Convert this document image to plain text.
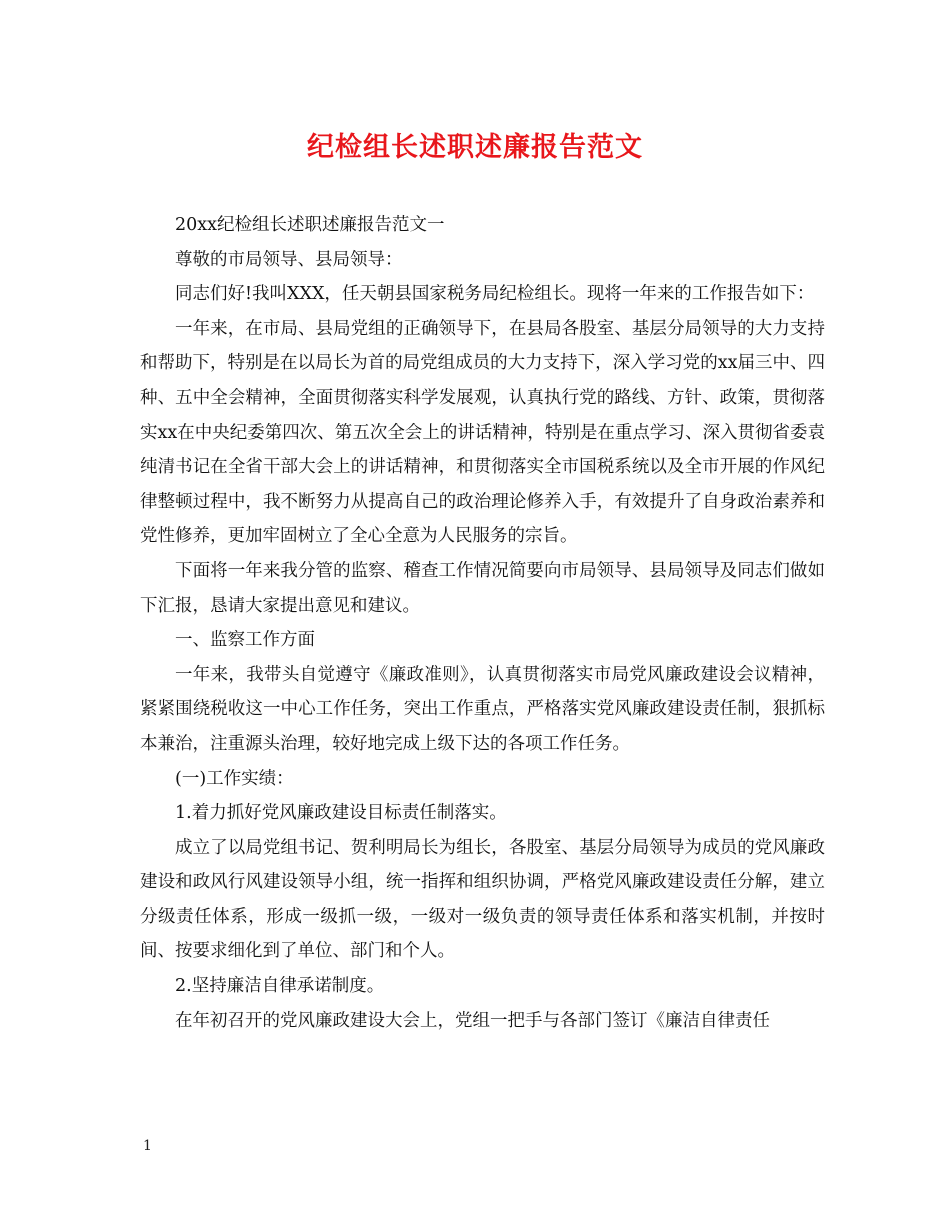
纪检组长述职述廉报告范文

20xx纪检组长述职述廉报告范文一

尊敬的市局领导、县局领导：

同志们好!我叫XXX，任天朝县国家税务局纪检组长。现将一年来的工作报告如下：

一年来，在市局、县局党组的正确领导下，在县局各股室、基层分局领导的大力支持和帮助下，特别是在以局长为首的局党组成员的大力支持下，深入学习党的xx届三中、四种、五中全会精神，全面贯彻落实科学发展观，认真执行党的路线、方针、政策，贯彻落实xx在中央纪委第四次、第五次全会上的讲话精神，特别是在重点学习、深入贯彻省委袁纯清书记在全省干部大会上的讲话精神，和贯彻落实全市国税系统以及全市开展的作风纪律整顿过程中，我不断努力从提高自己的政治理论修养入手，有效提升了自身政治素养和党性修养，更加牢固树立了全心全意为人民服务的宗旨。

下面将一年来我分管的监察、稽查工作情况简要向市局领导、县局领导及同志们做如下汇报，恳请大家提出意见和建议。

一、监察工作方面

一年来，我带头自觉遵守《廉政准则》，认真贯彻落实市局党风廉政建设会议精神，紧紧围绕税收这一中心工作任务，突出工作重点，严格落实党风廉政建设责任制，狠抓标本兼治，注重源头治理，较好地完成上级下达的各项工作任务。

(一)工作实绩：

1.着力抓好党风廉政建设目标责任制落实。

成立了以局党组书记、贺利明局长为组长，各股室、基层分局领导为成员的党风廉政建设和政风行风建设领导小组，统一指挥和组织协调，严格党风廉政建设责任分解，建立分级责任体系，形成一级抓一级，一级对一级负责的领导责任体系和落实机制，并按时间、按要求细化到了单位、部门和个人。

2.坚持廉洁自律承诺制度。

在年初召开的党风廉政建设大会上，党组一把手与各部门签订《廉洁自律责任

1
